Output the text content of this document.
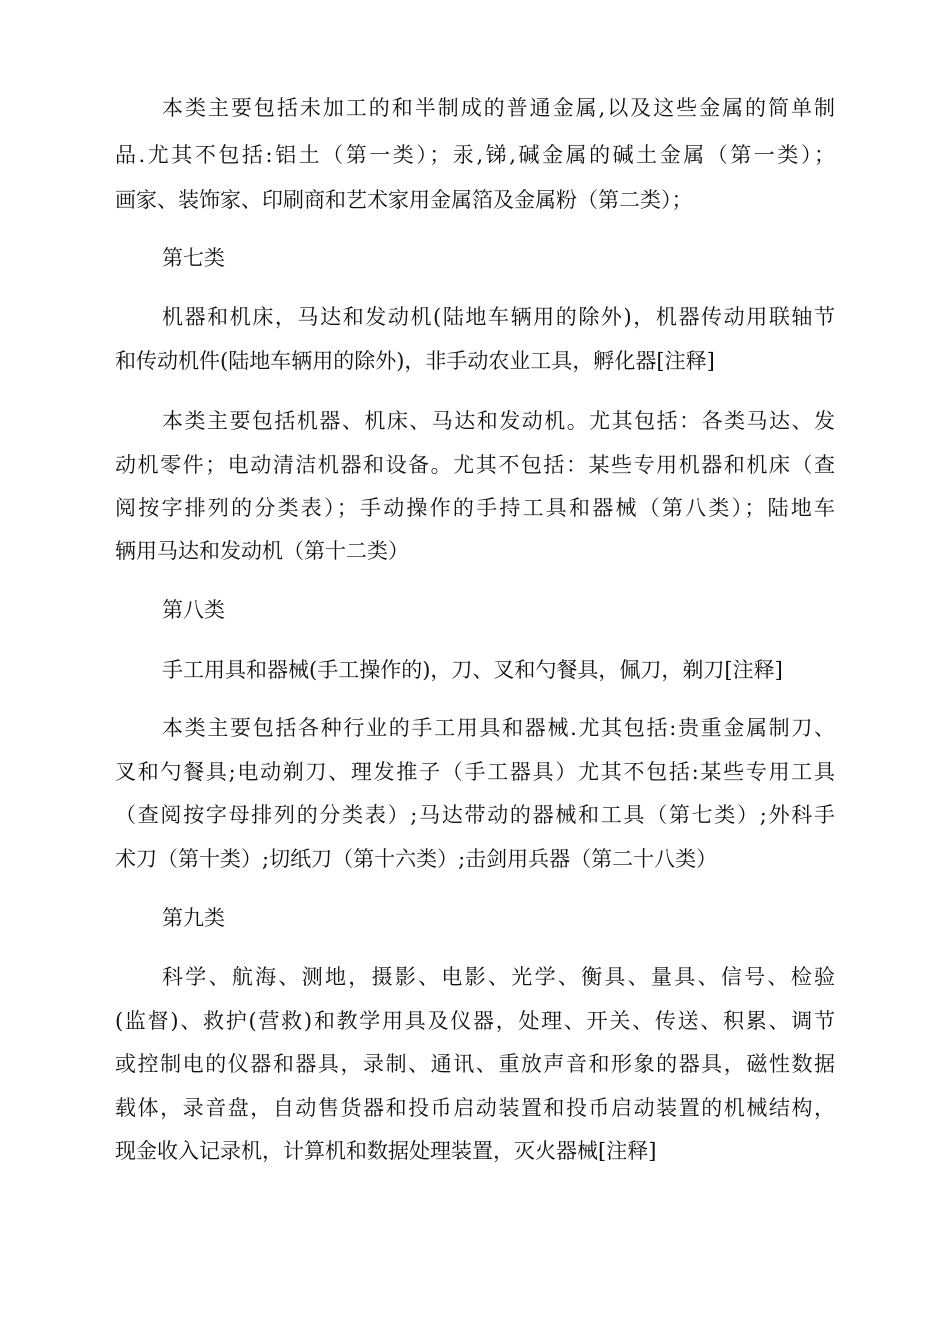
本类主要包括未加工的和半制成的普通金属,以及这些金属的简单制
品.尤其不包括:铝土（第一类）；汞,锑,碱金属的碱土金属（第一类）；
画家、装饰家、印刷商和艺术家用金属箔及金属粉（第二类）；
第七类
机器和机床，马达和发动机(陆地车辆用的除外)，机器传动用联轴节
和传动机件(陆地车辆用的除外)，非手动农业工具，孵化器[注释]
本类主要包括机器、机床、马达和发动机。尤其包括：各类马达、发
动机零件；电动清洁机器和设备。尤其不包括：某些专用机器和机床（查
阅按字排列的分类表）；手动操作的手持工具和器械（第八类）；陆地车
辆用马达和发动机（第十二类）
第八类
手工用具和器械(手工操作的)，刀、叉和勺餐具，佩刀，剃刀[注释]
本类主要包括各种行业的手工用具和器械.尤其包括:贵重金属制刀、
叉和勺餐具;电动剃刀、理发推子（手工器具）尤其不包括:某些专用工具
（查阅按字母排列的分类表）;马达带动的器械和工具（第七类）;外科手
术刀（第十类）;切纸刀（第十六类）;击剑用兵器（第二十八类）
第九类
科学、航海、测地，摄影、电影、光学、衡具、量具、信号、检验
(监督)、救护(营救)和教学用具及仪器，处理、开关、传送、积累、调节
或控制电的仪器和器具，录制、通讯、重放声音和形象的器具，磁性数据
载体，录音盘，自动售货器和投币启动装置和投币启动装置的机械结构，
现金收入记录机，计算机和数据处理装置，灭火器械[注释]
